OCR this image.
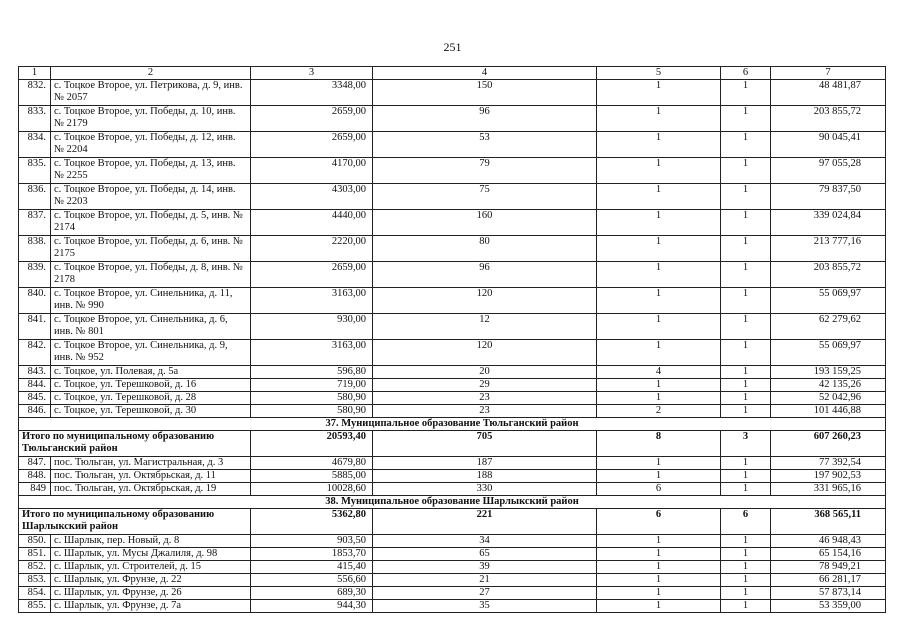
251
1	2	3	4	5	6	7
832.	с. Тоцкое Второе, ул. Петрикова, д. 9, инв. № 2057	3348,00	150	1	1	48 481,87
833.	с. Тоцкое Второе, ул. Победы, д. 10, инв. № 2179	2659,00	96	1	1	203 855,72
834.	с. Тоцкое Второе, ул. Победы, д. 12, инв. № 2204	2659,00	53	1	1	90 045,41
835.	с. Тоцкое Второе, ул. Победы, д. 13, инв. № 2255	4170,00	79	1	1	97 055,28
836.	с. Тоцкое Второе, ул. Победы, д. 14, инв. № 2203	4303,00	75	1	1	79 837,50
837.	с. Тоцкое Второе, ул. Победы, д. 5, инв. № 2174	4440,00	160	1	1	339 024,84
838.	с. Тоцкое Второе, ул. Победы, д. 6, инв. № 2175	2220,00	80	1	1	213 777,16
839.	с. Тоцкое Второе, ул. Победы, д. 8, инв. № 2178	2659,00	96	1	1	203 855,72
840.	с. Тоцкое Второе, ул. Синельника, д. 11, инв. № 990	3163,00	120	1	1	55 069,97
841.	с. Тоцкое Второе, ул. Синельника, д. 6, инв. № 801	930,00	12	1	1	62 279,62
842.	с. Тоцкое Второе, ул. Синельника, д. 9, инв. № 952	3163,00	120	1	1	55 069,97
843.	с. Тоцкое, ул. Полевая, д. 5а	596,80	20	4	1	193 159,25
844.	с. Тоцкое, ул. Терешковой, д. 16	719,00	29	1	1	42 135,26
845.	с. Тоцкое, ул. Терешковой, д. 28	580,90	23	1	1	52 042,96
846.	с. Тоцкое, ул. Терешковой, д. 30	580,90	23	2	1	101 446,88
37. Муниципальное образование Тюльганский район						
Итого по муниципальному образованию Тюльганский район		20593,40	705	8	3	607 260,23
847.	пос. Тюльган, ул. Магистральная, д. 3	4679,80	187	1	1	77 392,54
848.	пос. Тюльган, ул. Октябрьская, д. 11	5885,00	188	1	1	197 902,53
849	пос. Тюльган, ул. Октябрьская, д. 19	10028,60	330	6	1	331 965,16
38. Муниципальное образование Шарлыкский район						
Итого по муниципальному образованию Шарлыкский район		5362,80	221	6	6	368 565,11
850.	с. Шарлык, пер. Новый, д. 8	903,50	34	1	1	46 948,43
851.	с. Шарлык, ул. Мусы Джалиля, д. 98	1853,70	65	1	1	65 154,16
852.	с. Шарлык, ул. Строителей, д. 15	415,40	39	1	1	78 949,21
853.	с. Шарлык, ул. Фрунзе, д. 22	556,60	21	1	1	66 281,17
854.	с. Шарлык, ул. Фрунзе, д. 26	689,30	27	1	1	57 873,14
855.	с. Шарлык, ул. Фрунзе, д. 7а	944,30	35	1	1	53 359,00
